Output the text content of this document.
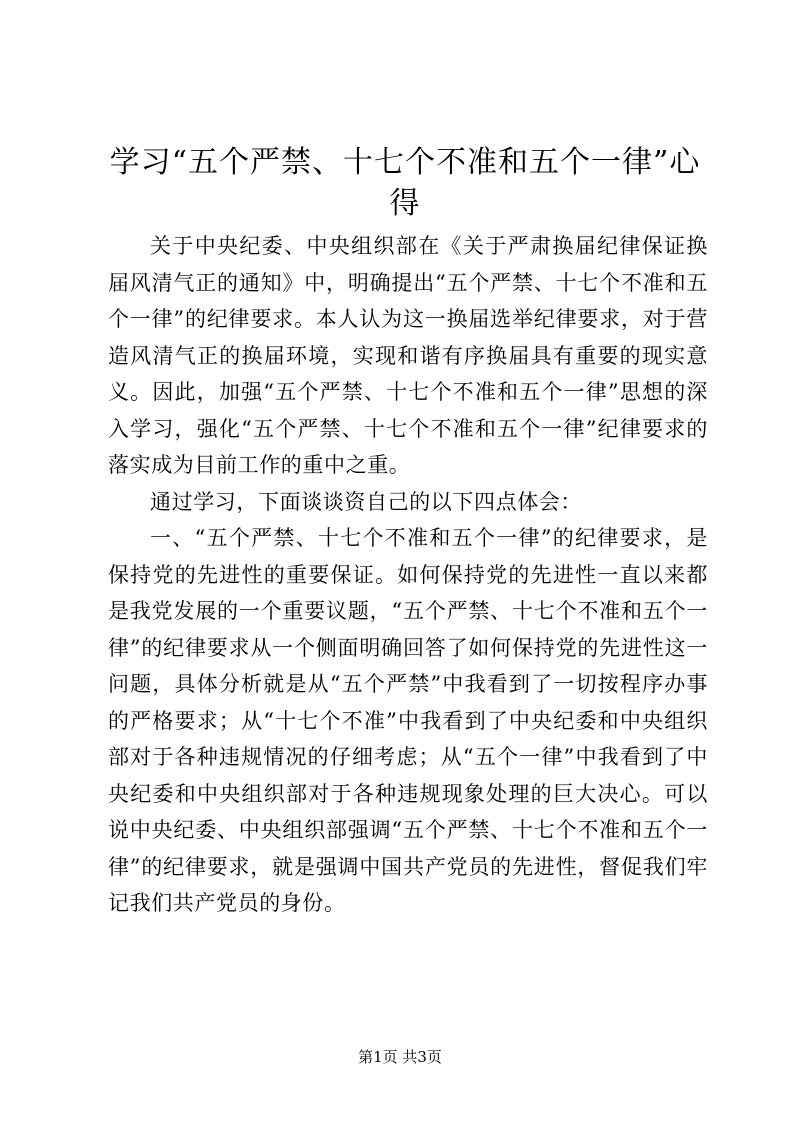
学习“五个严禁、十七个不准和五个一律”心得

关于中央纪委、中央组织部在《关于严肃换届纪律保证换届风清气正的通知》中，明确提出“五个严禁、十七个不准和五个一律”的纪律要求。本人认为这一换届选举纪律要求，对于营造风清气正的换届环境，实现和谐有序换届具有重要的现实意义。因此，加强“五个严禁、十七个不准和五个一律”思想的深入学习，强化“五个严禁、十七个不准和五个一律”纪律要求的落实成为目前工作的重中之重。

通过学习，下面谈谈资自己的以下四点体会：

一、“五个严禁、十七个不准和五个一律”的纪律要求，是保持党的先进性的重要保证。如何保持党的先进性一直以来都是我党发展的一个重要议题，“五个严禁、十七个不准和五个一律”的纪律要求从一个侧面明确回答了如何保持党的先进性这一问题，具体分析就是从“五个严禁”中我看到了一切按程序办事的严格要求；从“十七个不准”中我看到了中央纪委和中央组织部对于各种违规情况的仔细考虑；从“五个一律”中我看到了中央纪委和中央组织部对于各种违规现象处理的巨大决心。可以说中央纪委、中央组织部强调“五个严禁、十七个不准和五个一律”的纪律要求，就是强调中国共产党员的先进性，督促我们牢记我们共产党员的身份。

第1页 共3页
